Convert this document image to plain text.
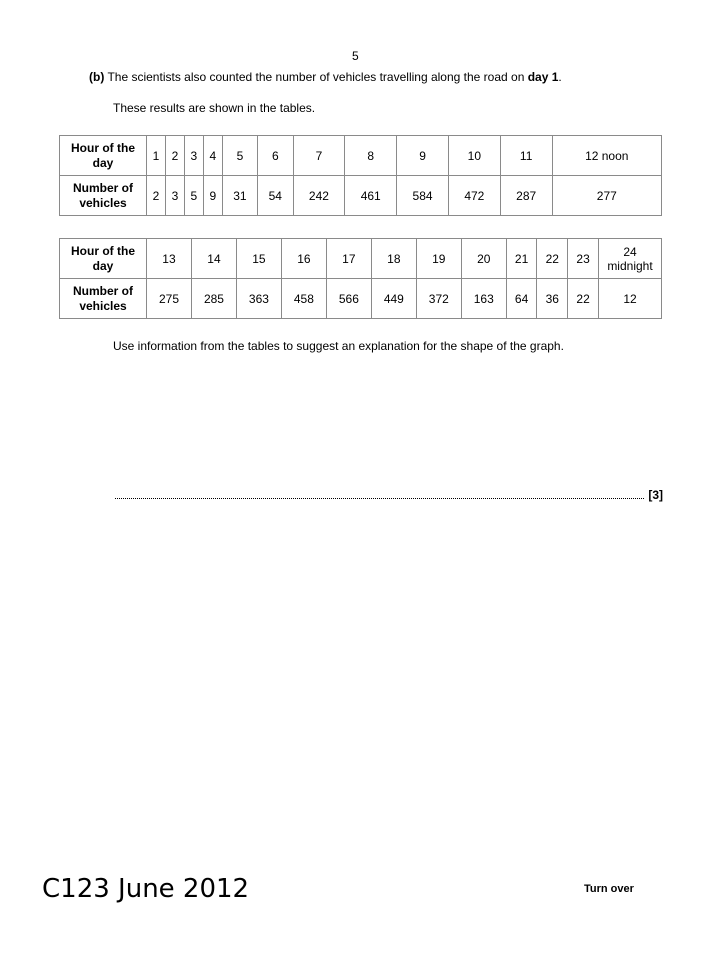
5
(b) The scientists also counted the number of vehicles travelling along the road on day 1.
These results are shown in the tables.
Hour of the day	1	2	3	4	5	6	7	8	9	10	11	12 noon
Number of vehicles	2	3	5	9	31	54	242	461	584	472	287	277
Hour of the day	13	14	15	16	17	18	19	20	21	22	23	24 midnight
Number of vehicles	275	285	363	458	566	449	372	163	64	36	22	12
Use information from the tables to suggest an explanation for the shape of the graph.
[3]
C123 June 2012	Turn over
